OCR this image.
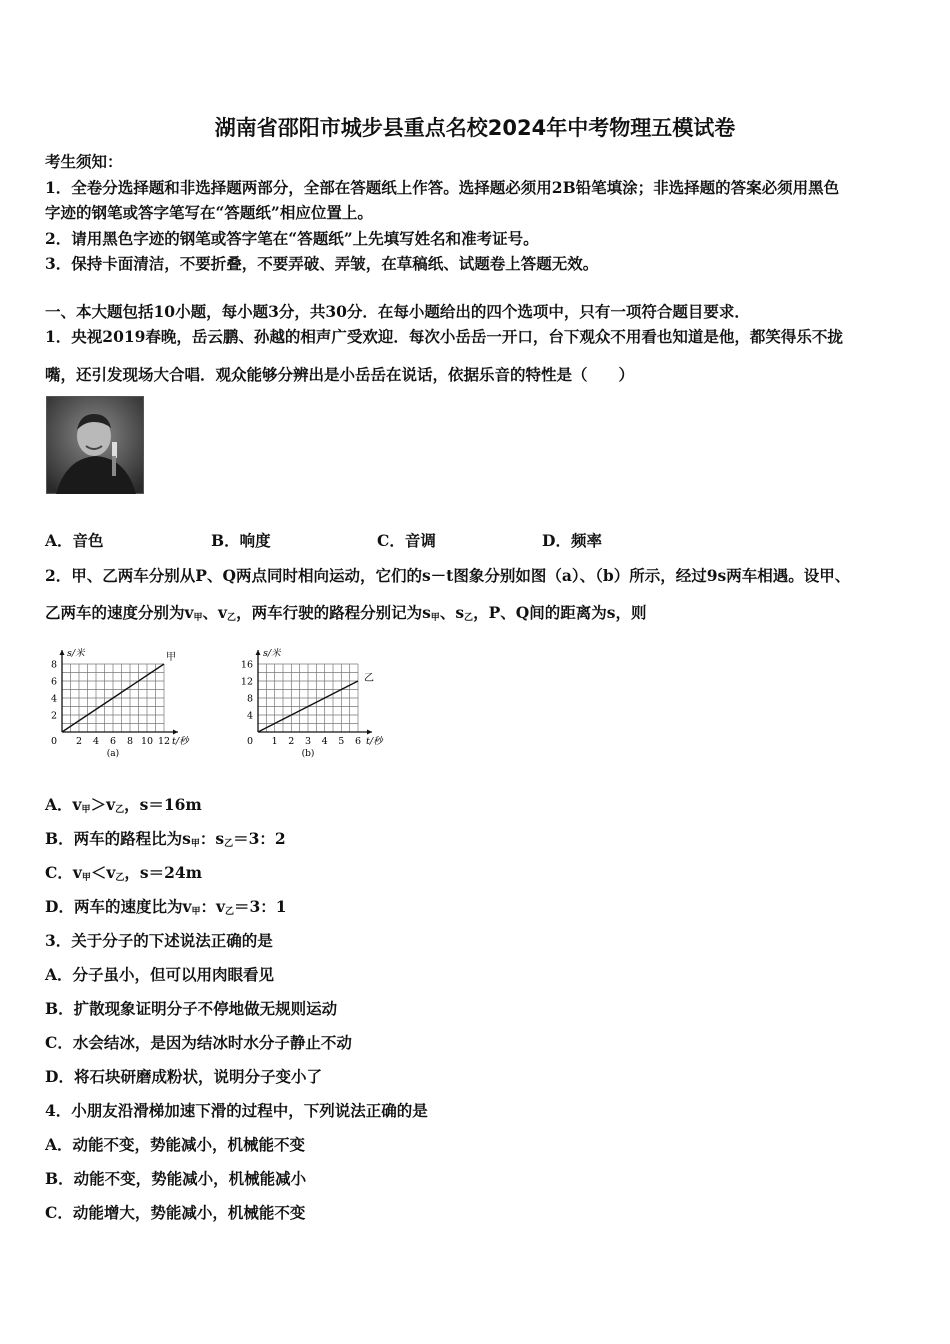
湖南省邵阳市城步县重点名校2024年中考物理五模试卷
考生须知：
1．全卷分选择题和非选择题两部分，全部在答题纸上作答。选择题必须用2B铅笔填涂；非选择题的答案必须用黑色
字迹的钢笔或答字笔写在“答题纸”相应位置上。
2．请用黑色字迹的钢笔或答字笔在“答题纸”上先填写姓名和准考证号。
3．保持卡面清洁，不要折叠，不要弄破、弄皱，在草稿纸、试题卷上答题无效。
一、本大题包括10小题，每小题3分，共30分．在每小题给出的四个选项中，只有一项符合题目要求．
1．央视2019春晚，岳云鹏、孙越的相声广受欢迎．每次小岳岳一开口，台下观众不用看也知道是他，都笑得乐不拢
嘴，还引发现场大合唱．观众能够分辨出是小岳岳在说话，依据乐音的特性是（　　）
A．音色	B．响度	C．音调	D．频率
2．甲、乙两车分别从P、Q两点同时相向运动，它们的s－t图象分别如图（a）、（b）所示，经过9s两车相遇。设甲、
乙两车的速度分别为$v_甲$、$v_乙$，两车行驶的路程分别记为$s_甲$、$s_乙$，P、Q间的距离为s，则
0 2 4 6 8 10 12
2
4
6
8
s/米
t/秒
甲
(a)
0 1 2 3 4 5 6
4
8
12
16
s/米
t/秒
乙
(b)
A．$v_甲>v_乙$，s＝16m
B．两车的路程比为$s_甲$：$s_乙=3$：2
C．$v_甲<v_乙$，s＝24m
D．两车的速度比为$v_甲$：$v_乙=3$：1
3．关于分子的下述说法正确的是
A．分子虽小，但可以用肉眼看见
B．扩散现象证明分子不停地做无规则运动
C．水会结冰，是因为结冰时水分子静止不动
D．将石块研磨成粉状，说明分子变小了
4．小朋友沿滑梯加速下滑的过程中，下列说法正确的是
A．动能不变，势能减小，机械能不变
B．动能不变，势能减小，机械能减小
C．动能增大，势能减小，机械能不变
